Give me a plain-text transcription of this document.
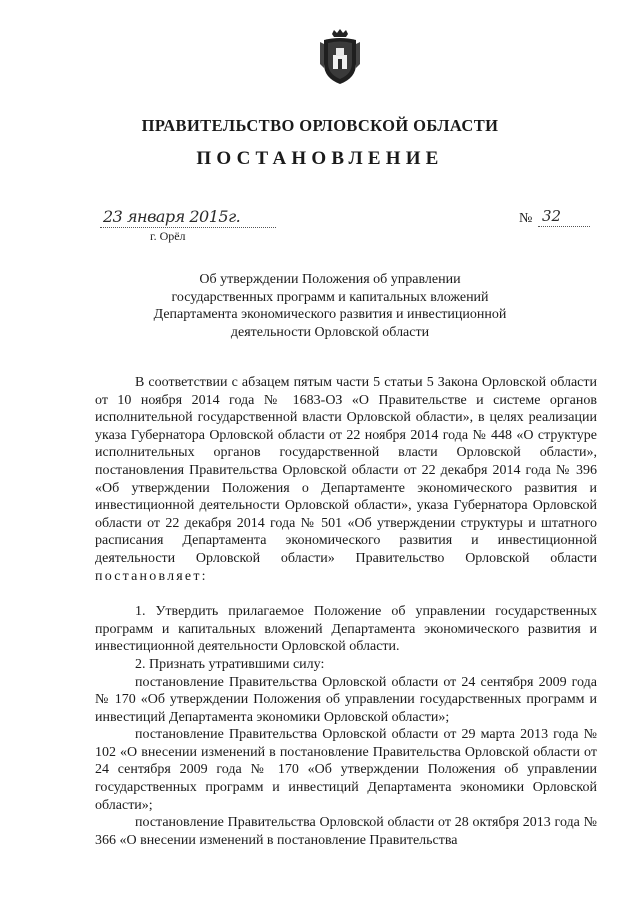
ПРАВИТЕЛЬСТВО ОРЛОВСКОЙ ОБЛАСТИ
ПОСТАНОВЛЕНИЕ
23 января 2015г.
г. Орёл
№ 32
Об утверждении Положения об управлении
государственных программ и капитальных вложений
Департамента экономического развития и инвестиционной
деятельности Орловской области

В соответствии с абзацем пятым части 5 статьи 5 Закона Орловской области от 10 ноября 2014 года № 1683-ОЗ «О Правительстве и системе органов исполнительной государственной власти Орловской области», в целях реализации указа Губернатора Орловской области от 22 ноября 2014 года № 448 «О структуре исполнительных органов государственной власти Орловской области», постановления Правительства Орловской области от 22 декабря 2014 года № 396 «Об утверждении Положения о Департаменте экономического развития и инвестиционной деятельности Орловской области», указа Губернатора Орловской области от 22 декабря 2014 года № 501 «Об утверждении структуры и штатного расписания Департамента экономического развития и инвестиционной деятельности Орловской области» Правительство Орловской области постановляет:

1. Утвердить прилагаемое Положение об управлении государственных программ и капитальных вложений Департамента экономического развития и инвестиционной деятельности Орловской области.

2. Признать утратившими силу:

постановление Правительства Орловской области от 24 сентября 2009 года № 170 «Об утверждении Положения об управлении государственных программ и инвестиций Департамента экономики Орловской области»;

постановление Правительства Орловской области от 29 марта 2013 года № 102 «О внесении изменений в постановление Правительства Орловской области от 24 сентября 2009 года № 170 «Об утверждении Положения об управлении государственных программ и инвестиций Департамента экономики Орловской области»;

постановление Правительства Орловской области от 28 октября 2013 года № 366 «О внесении изменений в постановление Правительства
